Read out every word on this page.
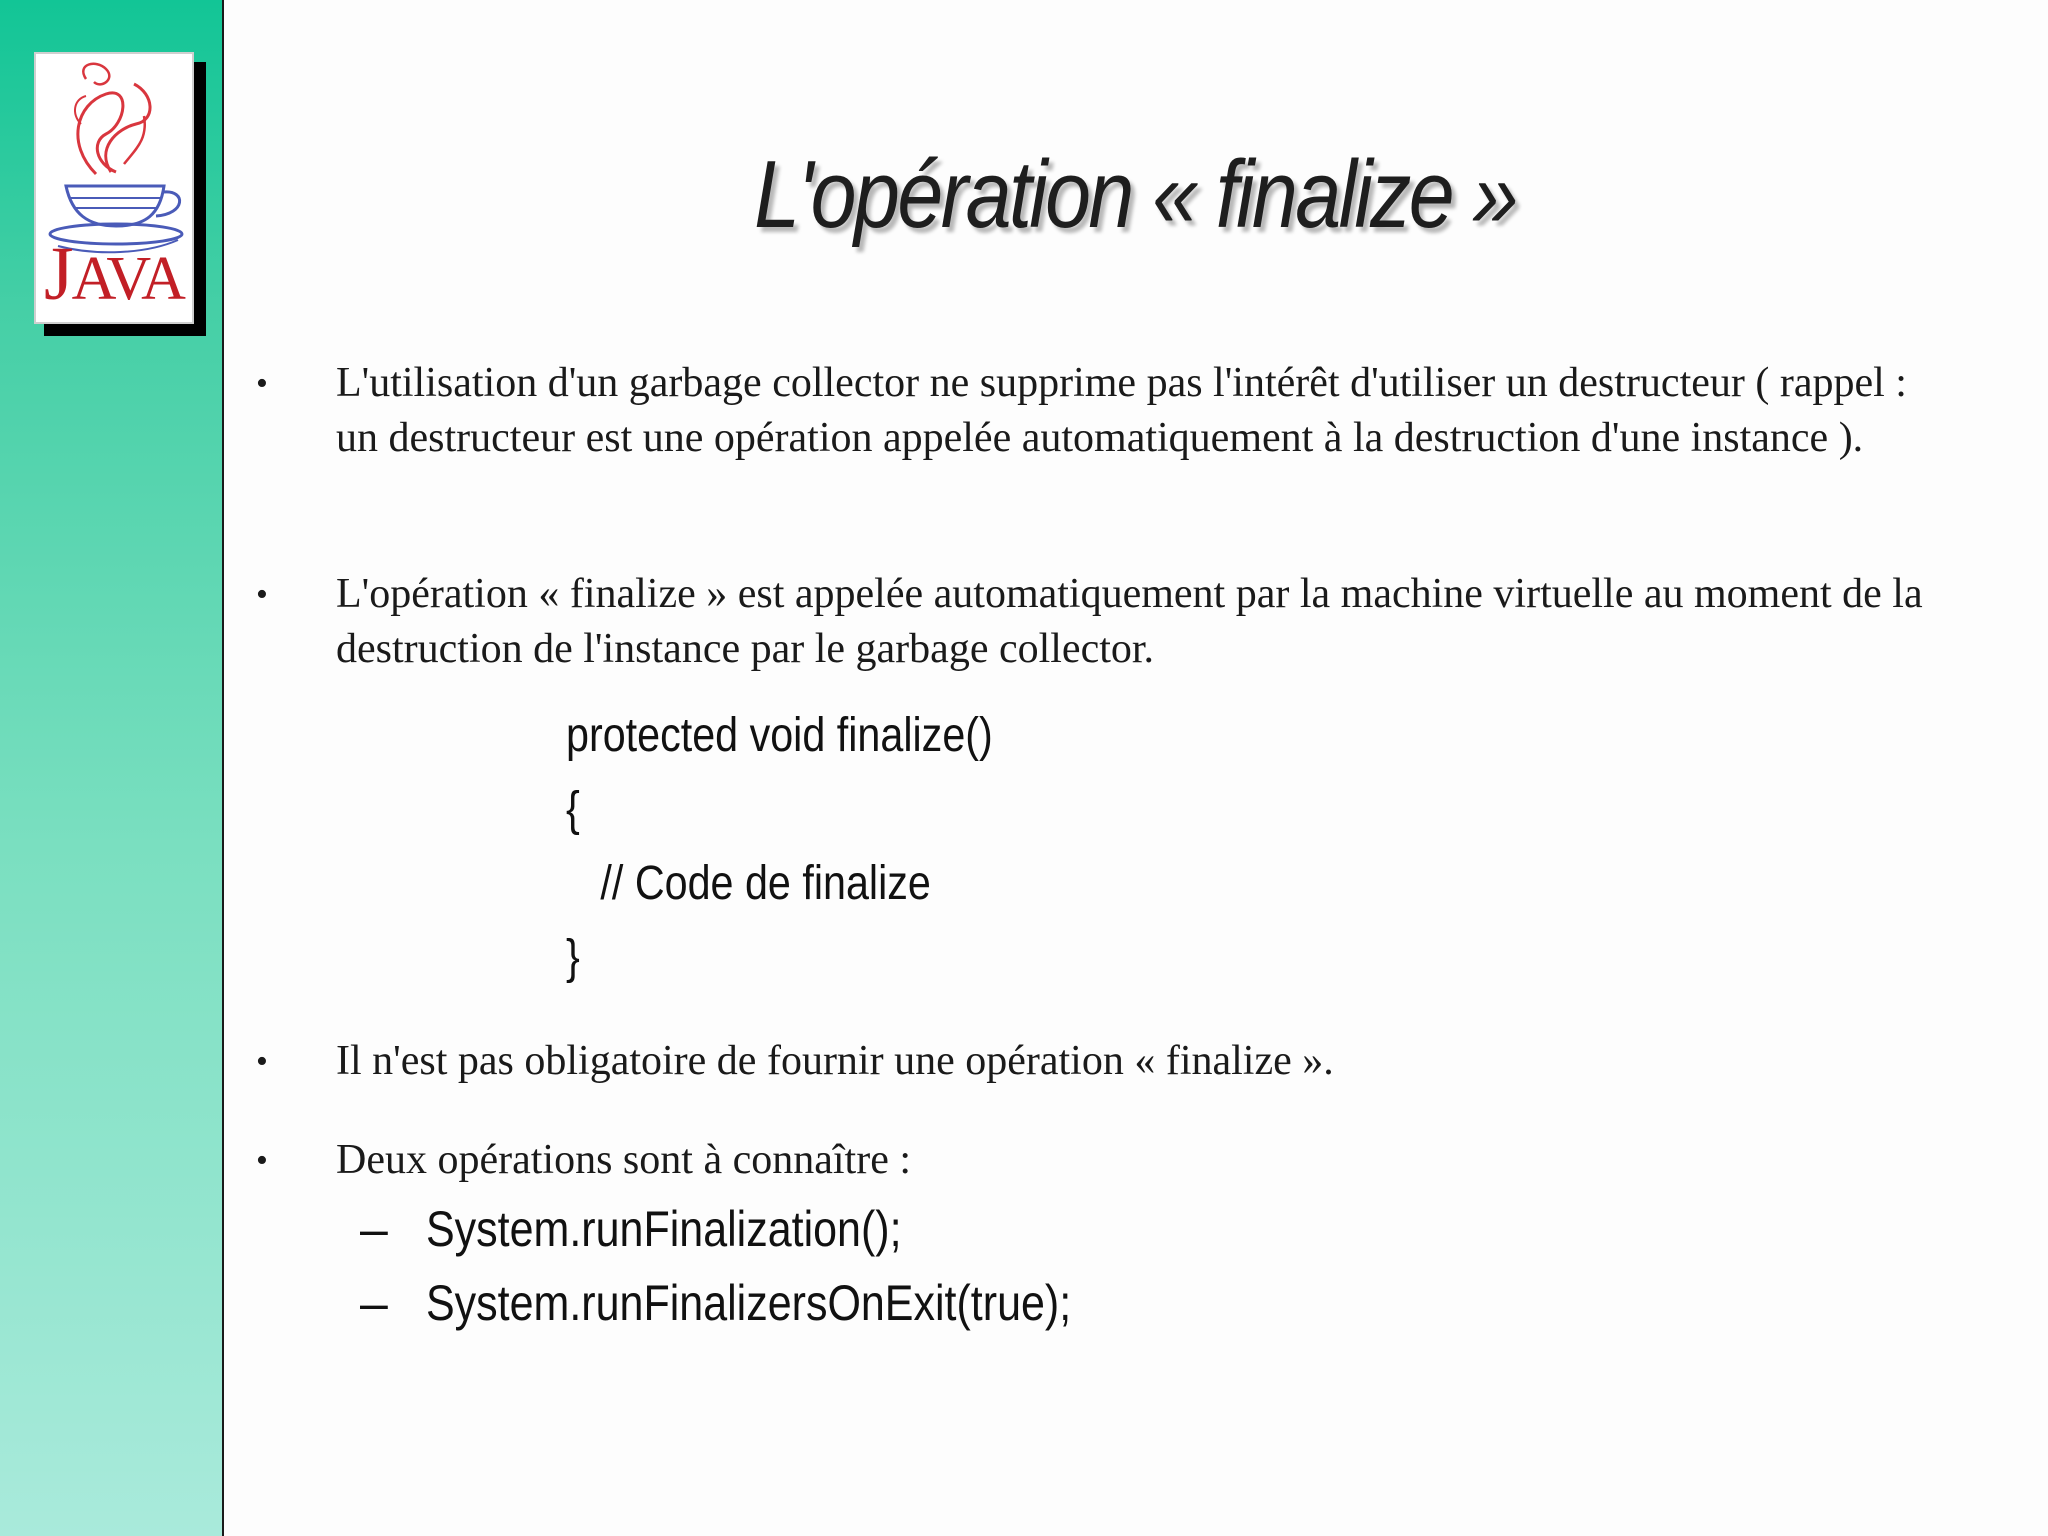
JAVA
L'opération « finalize »
• L'utilisation d'un garbage collector ne supprime pas l'intérêt d'utiliser un destructeur ( rappel : un destructeur est une opération appelée automatiquement à la destruction d'une instance ).
• L'opération « finalize » est appelée automatiquement par la machine virtuelle au moment de la destruction de l'instance par le garbage collector.
protected void finalize()
{
// Code de finalize
}
• Il n'est pas obligatoire de fournir une opération « finalize ».
• Deux opérations sont à connaître :
– System.runFinalization();
– System.runFinalizersOnExit(true);
